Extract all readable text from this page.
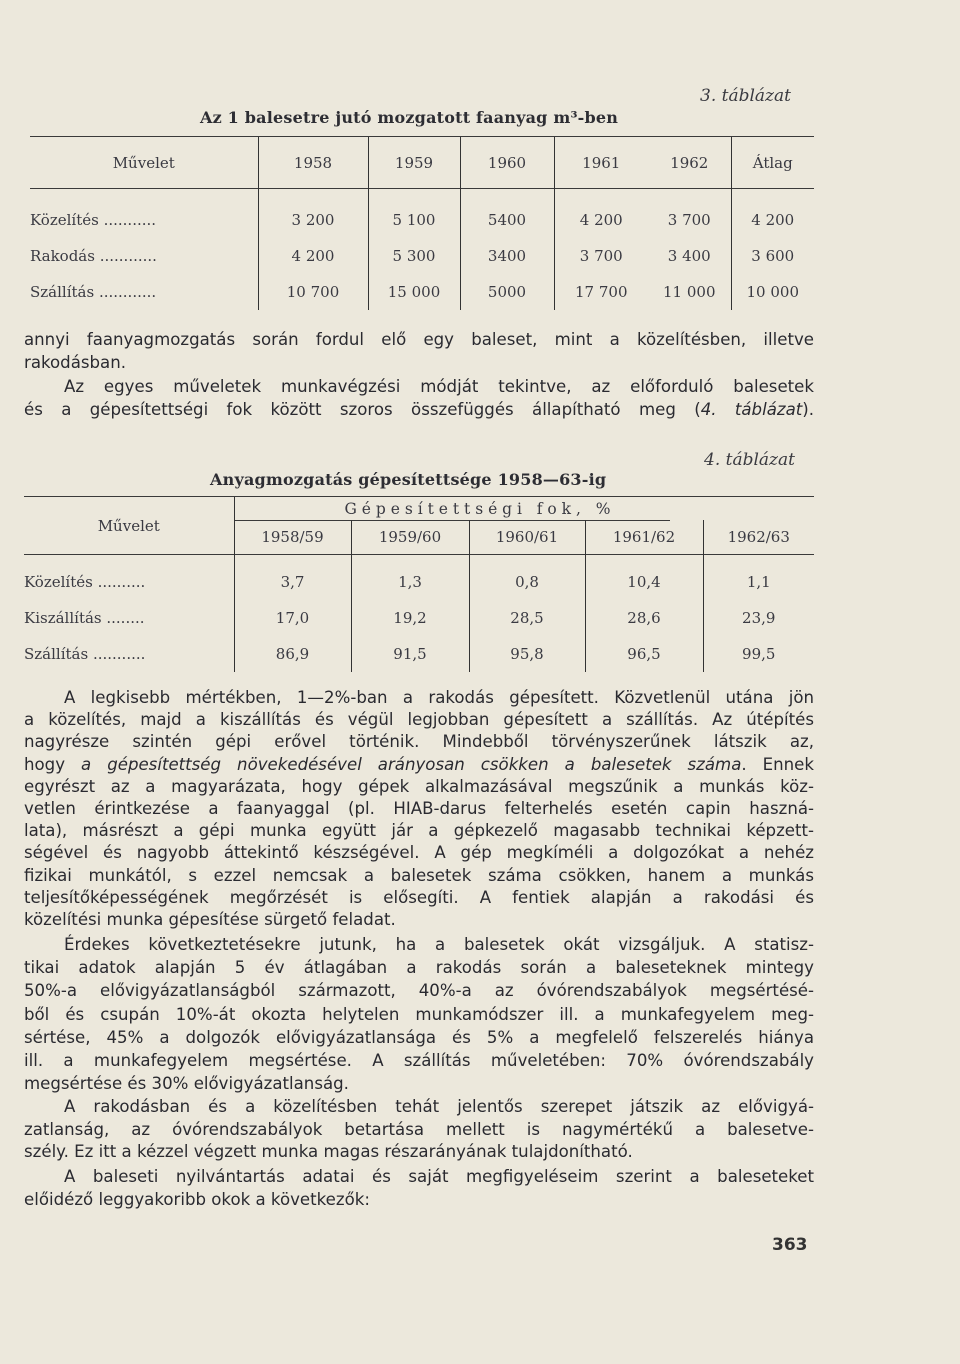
3. táblázat
Az 1 balesetre jutó mozgatott faanyag m³-ben
Művelet	1958	1959	1960	1961	1962	Átlag

Közelítés ...........	3 200	5 100	5400	4 200	3 700	4 200
Rakodás ............	4 200	5 300	3400	3 700	3 400	3 600
Szállítás ............	10 700	15 000	5000	17 700	11 000	10 000
annyi faanyagmozgatás során fordul elő egy baleset, mint a közelítésben, illetve
rakodásban.
Az egyes műveletek munkavégzési módját tekintve, az előforduló balesetek
és a gépesítettségi fok között szoros összefüggés állapítható meg (4. táblázat).
4. táblázat
Anyagmozgatás gépesítettsége 1958—63-ig
Művelet	G é p e s í t e t t s é g i   f o k ,   %				
	1958/59	1959/60	1960/61	1961/62	1962/63

Közelítés ..........	3,7	1,3	0,8	10,4	1,1
Kiszállítás ........	17,0	19,2	28,5	28,6	23,9
Szállítás ...........	86,9	91,5	95,8	96,5	99,5
A legkisebb mértékben, 1—2%-ban a rakodás gépesített. Közvetlenül utána jön
a közelítés, majd a kiszállítás és végül legjobban gépesített a szállítás. Az útépítés
nagyrésze szintén gépi erővel történik. Mindebből törvényszerűnek látszik az,
hogy a gépesítettség növekedésével arányosan csökken a balesetek száma. Ennek
egyrészt az a magyarázata, hogy gépek alkalmazásával megszűnik a munkás köz-
vetlen érintkezése a faanyaggal (pl. HIAB-darus felterhelés esetén capin haszná-
lata), másrészt a gépi munka együtt jár a gépkezelő magasabb technikai képzett-
ségével és nagyobb áttekintő készségével. A gép megkíméli a dolgozókat a nehéz
fizikai munkától, s ezzel nemcsak a balesetek száma csökken, hanem a munkás
teljesítőképességének megőrzését is elősegíti. A fentiek alapján a rakodási és
közelítési munka gépesítése sürgető feladat.
Érdekes következtetésekre jutunk, ha a balesetek okát vizsgáljuk. A statisz-
tikai adatok alapján 5 év átlagában a rakodás során a baleseteknek mintegy
50%-a elővigyázatlanságból származott, 40%-a az óvórendszabályok megsértésé-
ből és csupán 10%-át okozta helytelen munkamódszer ill. a munkafegyelem meg-
sértése, 45% a dolgozók elővigyázatlansága és 5% a megfelelő felszerelés hiánya
ill. a munkafegyelem megsértése. A szállítás műveletében: 70% óvórendszabály
megsértése és 30% elővigyázatlanság.
A rakodásban és a közelítésben tehát jelentős szerepet játszik az elővigyá-
zatlanság, az óvórendszabályok betartása mellett is nagymértékű a balesetve-
szély. Ez itt a kézzel végzett munka magas részarányának tulajdonítható.
A baleseti nyilvántartás adatai és saját megfigyeléseim szerint a baleseteket
előidéző leggyakoribb okok a következők:
363
